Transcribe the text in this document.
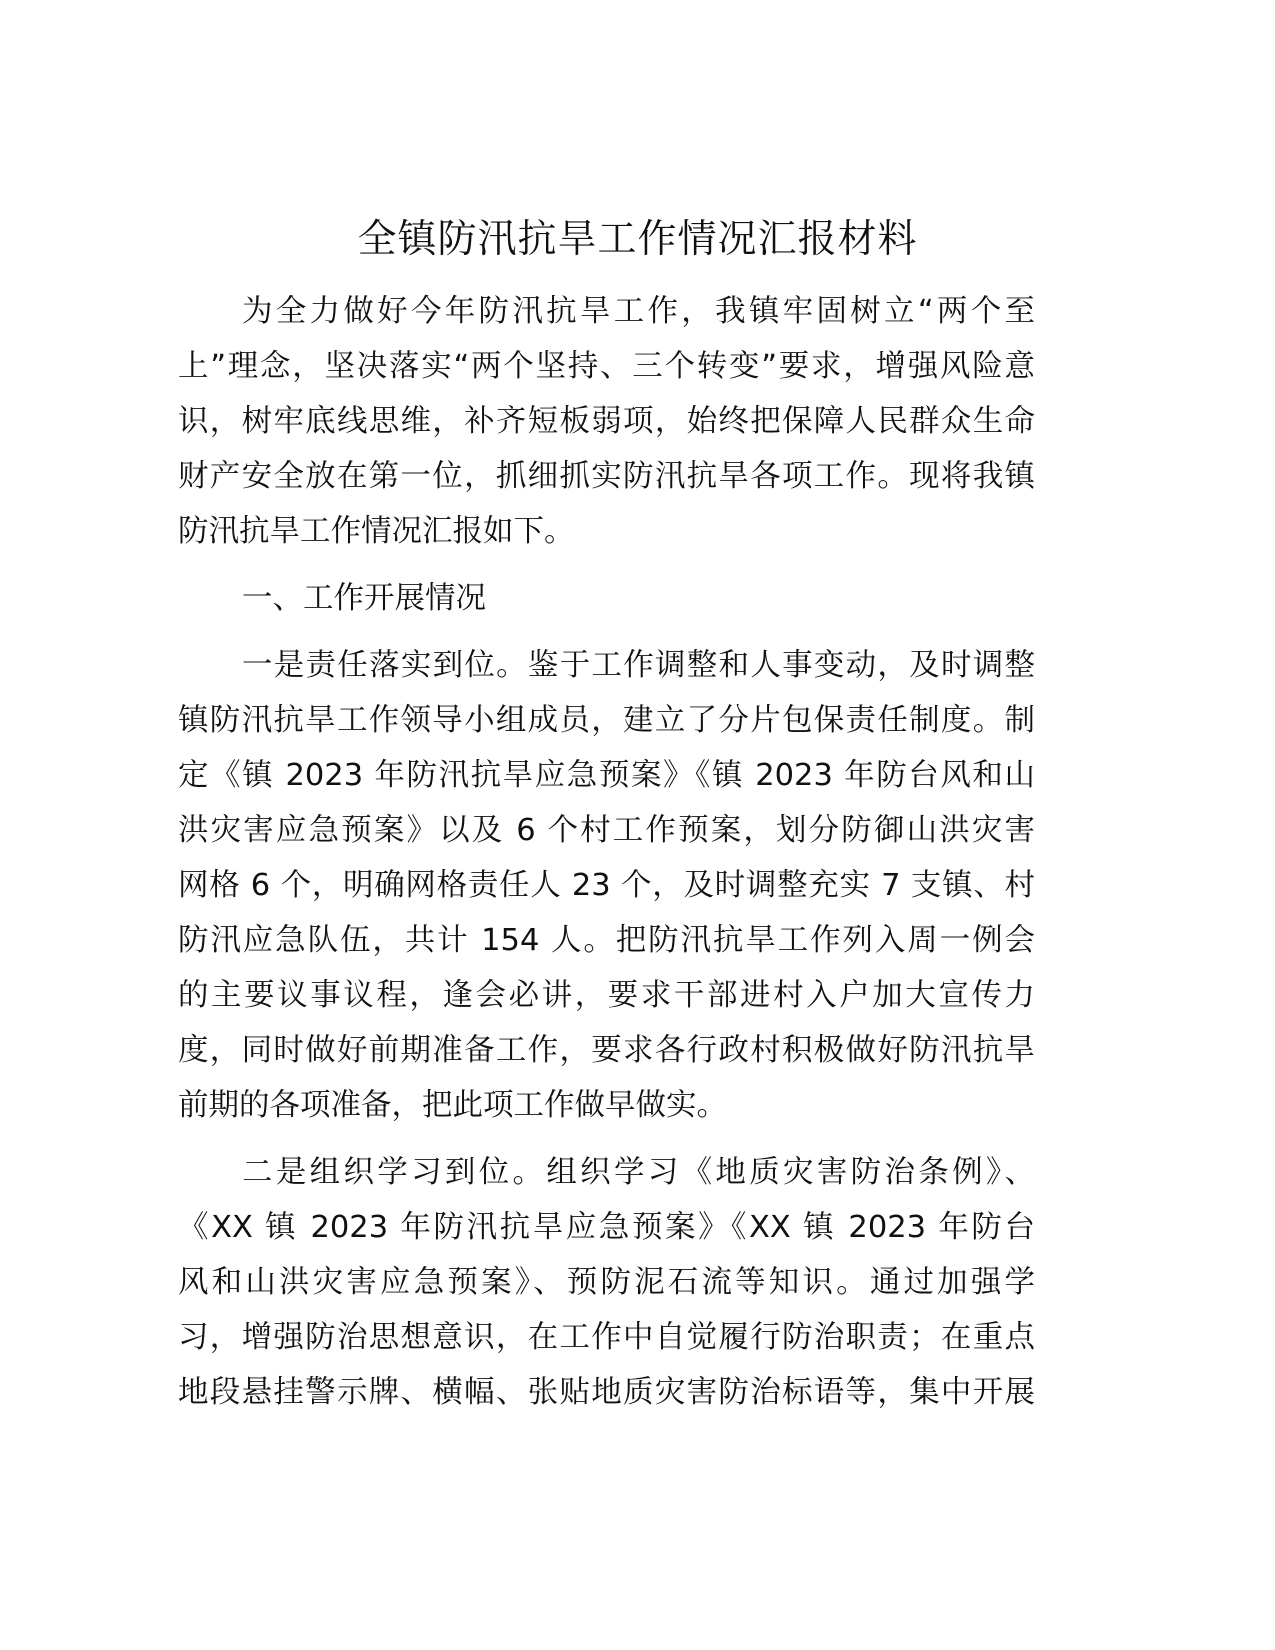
全镇防汛抗旱工作情况汇报材料
为全力做好今年防汛抗旱工作，我镇牢固树立“两个至
上”理念，坚决落实“两个坚持、三个转变”要求，增强风险意
识，树牢底线思维，补齐短板弱项，始终把保障人民群众生命
财产安全放在第一位，抓细抓实防汛抗旱各项工作。现将我镇
防汛抗旱工作情况汇报如下。
一、工作开展情况
一是责任落实到位。鉴于工作调整和人事变动，及时调整
镇防汛抗旱工作领导小组成员，建立了分片包保责任制度。制
定《镇 2023 年防汛抗旱应急预案》《镇 2023 年防台风和山
洪灾害应急预案》以及 6 个村工作预案，划分防御山洪灾害
网格 6 个，明确网格责任人 23 个，及时调整充实 7 支镇、村
防汛应急队伍，共计 154 人。把防汛抗旱工作列入周一例会
的主要议事议程，逢会必讲，要求干部进村入户加大宣传力
度，同时做好前期准备工作，要求各行政村积极做好防汛抗旱
前期的各项准备，把此项工作做早做实。
二是组织学习到位。组织学习《地质灾害防治条例》、
《XX 镇 2023 年防汛抗旱应急预案》《XX 镇 2023 年防台
风和山洪灾害应急预案》、预防泥石流等知识。通过加强学
习，增强防治思想意识，在工作中自觉履行防治职责；在重点
地段悬挂警示牌、横幅、张贴地质灾害防治标语等，集中开展
